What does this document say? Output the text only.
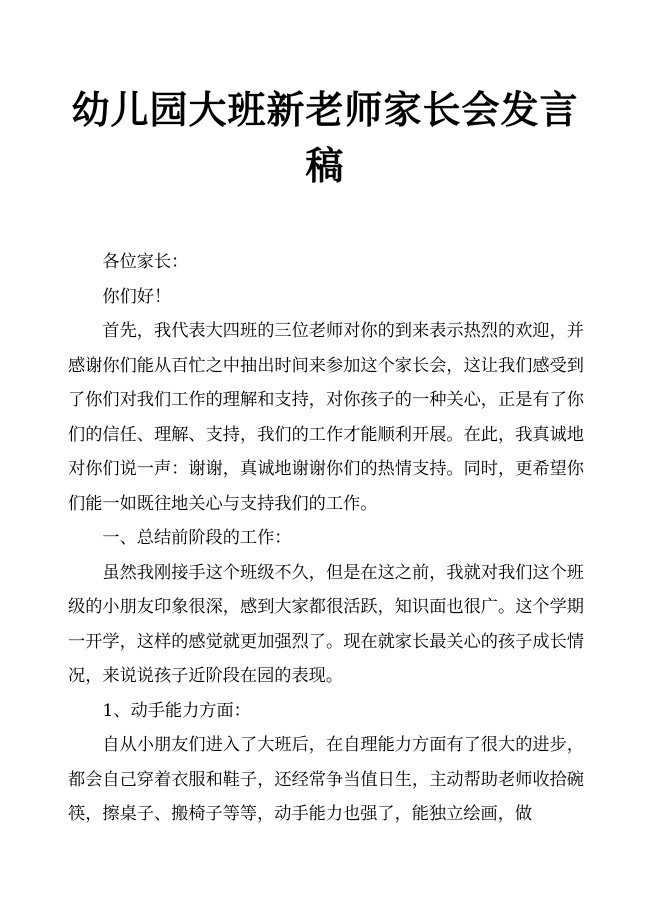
幼儿园大班新老师家长会发言稿

各位家长：

你们好！

首先，我代表大四班的三位老师对你的到来表示热烈的欢迎，并感谢你们能从百忙之中抽出时间来参加这个家长会，这让我们感受到了你们对我们工作的理解和支持，对你孩子的一种关心，正是有了你们的信任、理解、支持，我们的工作才能顺利开展。在此，我真诚地对你们说一声：谢谢，真诚地谢谢你们的热情支持。同时，更希望你们能一如既往地关心与支持我们的工作。

一、总结前阶段的工作：

虽然我刚接手这个班级不久，但是在这之前，我就对我们这个班级的小朋友印象很深，感到大家都很活跃，知识面也很广。这个学期一开学，这样的感觉就更加强烈了。现在就家长最关心的孩子成长情况，来说说孩子近阶段在园的表现。

1、动手能力方面：

自从小朋友们进入了大班后，在自理能力方面有了很大的进步，都会自己穿着衣服和鞋子，还经常争当值日生，主动帮助老师收拾碗筷，擦桌子、搬椅子等等，动手能力也强了，能独立绘画，做
